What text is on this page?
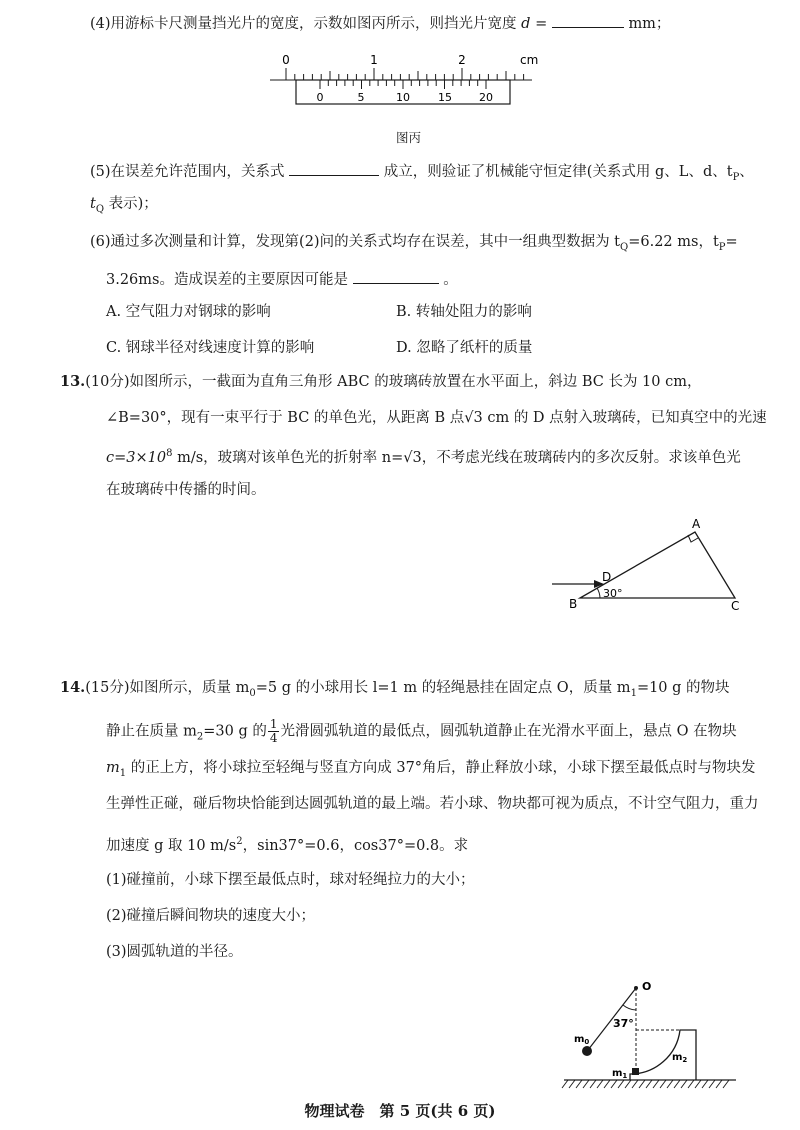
(4)用游标卡尺测量挡光片的宽度，示数如图丙所示，则挡光片宽度 d =	mm；
0	1	2	cm
0	5	10	15 20
图丙
(5)在误差允许范围内，关系式	成立，则验证了机械能守恒定律(关系式用 g、L、d、$t_P$、
$t_Q$ 表示)；
(6)通过多次测量和计算，发现第(2)问的关系式均存在误差，其中一组典型数据为 $t_Q=6.22$ ms，$t_P=$
3.26ms。造成误差的主要原因可能是	。
A. 空气阻力对钢球的影响	B. 转轴处阻力的影响
C. 钢球半径对线速度计算的影响	D. 忽略了纸杆的质量
13.(10分)如图所示，一截面为直角三角形 ABC 的玻璃砖放置在水平面上，斜边 BC 长为 10 cm，
∠B=30°，现有一束平行于 BC 的单色光，从距离 B 点√3 cm 的 D 点射入玻璃砖，已知真空中的光速
$c=3\times 10^8$ m/s，玻璃对该单色光的折射率 n=√3，不考虑光线在玻璃砖内的多次反射。求该单色光
在玻璃砖中传播的时间。
A
B	C
D
30°
14.(15分)如图所示，质量 $m_0=5$ g 的小球用长 l=1 m 的轻绳悬挂在固定点 O，质量 $m_1=10$ g 的物块
静止在质量 $m_2=30$ g 的 $\frac{1}{4}$ 光滑圆弧轨道的最低点，圆弧轨道静止在光滑水平面上，悬点 O 在物块
$m_1$ 的正上方，将小球拉至轻绳与竖直方向成 37°角后，静止释放小球，小球下摆至最低点时与物块发
生弹性正碰，碰后物块恰能到达圆弧轨道的最上端。若小球、物块都可视为质点，不计空气阻力，重力
加速度 g 取 10 $m/s^2$，sin37°=0.6，cos37°=0.8。求
(1)碰撞前，小球下摆至最低点时，球对轻绳拉力的大小；
(2)碰撞后瞬间物块的速度大小；
(3)圆弧轨道的半径。
O
37°
$m_0$
$m_2$
$m_1$
物理试卷　第 5 页(共 6 页)
